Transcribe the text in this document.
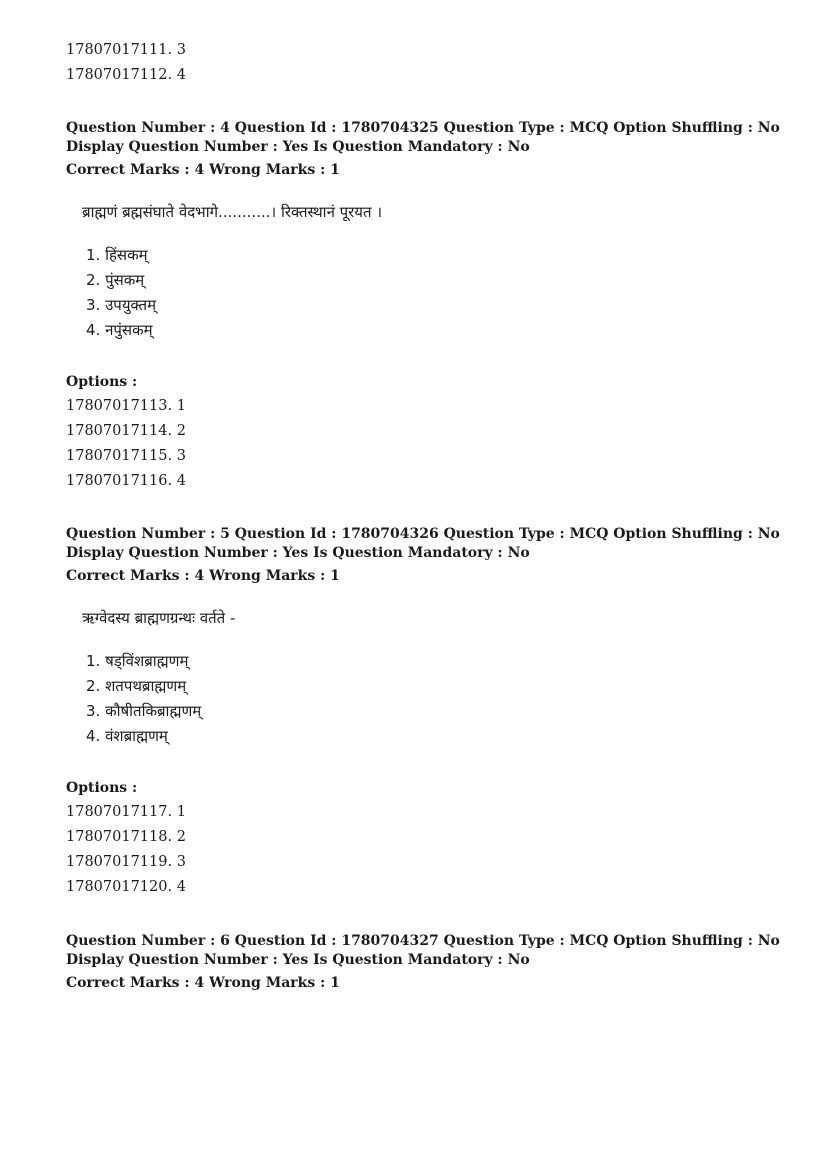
17807017111. 3
17807017112. 4
Question Number : 4 Question Id : 1780704325 Question Type : MCQ Option Shuffling : No
Display Question Number : Yes Is Question Mandatory : No
Correct Marks : 4 Wrong Marks : 1
ब्राह्मणं ब्रह्मसंघाते वेदभागे...........। रिक्तस्थानं पूरयत ।
1. हिंसकम्
2. पुंसकम्
3. उपयुक्तम्
4. नपुंसकम्
Options :
17807017113. 1
17807017114. 2
17807017115. 3
17807017116. 4
Question Number : 5 Question Id : 1780704326 Question Type : MCQ Option Shuffling : No
Display Question Number : Yes Is Question Mandatory : No
Correct Marks : 4 Wrong Marks : 1
ऋग्वेदस्य ब्राह्मणग्रन्थः वर्तते -
1. षड्विंशब्राह्मणम्
2. शतपथब्राह्मणम्
3. कौषीतकिब्राह्मणम्
4. वंशब्राह्मणम्
Options :
17807017117. 1
17807017118. 2
17807017119. 3
17807017120. 4
Question Number : 6 Question Id : 1780704327 Question Type : MCQ Option Shuffling : No
Display Question Number : Yes Is Question Mandatory : No
Correct Marks : 4 Wrong Marks : 1
